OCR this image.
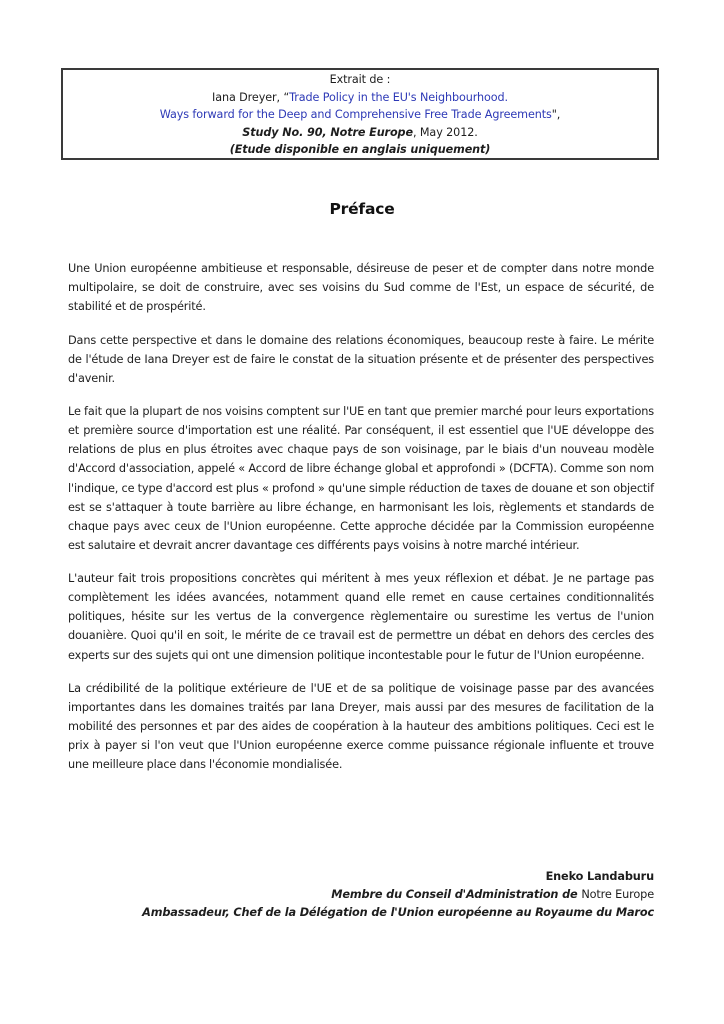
Extrait de :
Iana Dreyer, “Trade Policy in the EU's Neighbourhood.
Ways forward for the Deep and Comprehensive Free Trade Agreements",
Study No. 90, Notre Europe, May 2012.
(Etude disponible en anglais uniquement)
Préface

Une Union européenne ambitieuse et responsable, désireuse de peser et de compter dans notre monde multipolaire, se doit de construire, avec ses voisins du Sud comme de l'Est, un espace de sécurité, de stabilité et de prospérité.

Dans cette perspective et dans le domaine des relations économiques, beaucoup reste à faire. Le mérite de l'étude de Iana Dreyer est de faire le constat de la situation présente et de présenter des perspectives d'avenir.

Le fait que la plupart de nos voisins comptent sur l'UE en tant que premier marché pour leurs exportations et première source d'importation est une réalité. Par conséquent, il est essentiel que l'UE développe des relations de plus en plus étroites avec chaque pays de son voisinage, par le biais d'un nouveau modèle d'Accord d'association, appelé « Accord de libre échange global et approfondi » (DCFTA). Comme son nom l'indique, ce type d'accord est plus « profond » qu'une simple réduction de taxes de douane et son objectif est se s'attaquer à toute barrière au libre échange, en harmonisant les lois, règlements et standards de chaque pays avec ceux de l'Union européenne. Cette approche décidée par la Commission européenne est salutaire et devrait ancrer davantage ces différents pays voisins à notre marché intérieur.

L'auteur fait trois propositions concrètes qui méritent à mes yeux réflexion et débat. Je ne partage pas complètement les idées avancées, notamment quand elle remet en cause certaines conditionnalités politiques, hésite sur les vertus de la convergence règlementaire ou surestime les vertus de l'union douanière. Quoi qu'il en soit, le mérite de ce travail est de permettre un débat en dehors des cercles des experts sur des sujets qui ont une dimension politique incontestable pour le futur de l'Union européenne.

La crédibilité de la politique extérieure de l'UE et de sa politique de voisinage passe par des avancées importantes dans les domaines traités par Iana Dreyer, mais aussi par des mesures de facilitation de la mobilité des personnes et par des aides de coopération à la hauteur des ambitions politiques. Ceci est le prix à payer si l'on veut que l'Union européenne exerce comme puissance régionale influente et trouve une meilleure place dans l'économie mondialisée.

Eneko Landaburu
Membre du Conseil d'Administration de Notre Europe
Ambassadeur, Chef de la Délégation de l'Union européenne au Royaume du Maroc
